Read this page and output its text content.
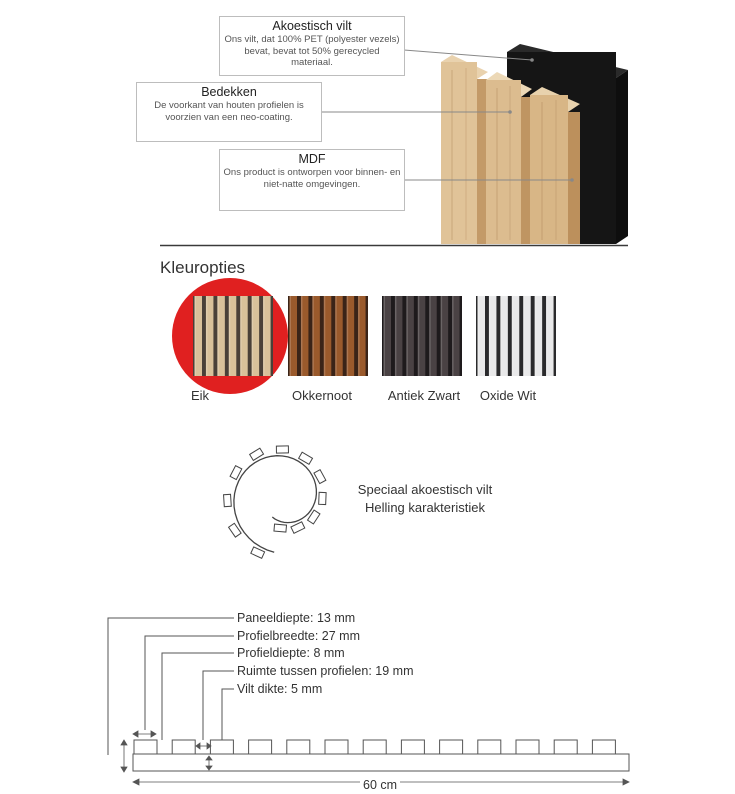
Akoestisch vilt
Ons vilt, dat 100% PET (polyester vezels) bevat, bevat tot 50% gerecycled materiaal.
Bedekken
De voorkant van houten profielen is voorzien van een neo-coating.
MDF
Ons product is ontworpen voor binnen- en niet-natte omgevingen.
Kleuropties
Eik	Okkernoot	Antiek Zwart	Oxide Wit
Speciaal akoestisch vilt
Helling karakteristiek
Paneeldiepte: 13 mm
Profielbreedte: 27 mm
Profieldiepte: 8 mm
Ruimte tussen profielen: 19 mm
Vilt dikte: 5 mm
60 cm
